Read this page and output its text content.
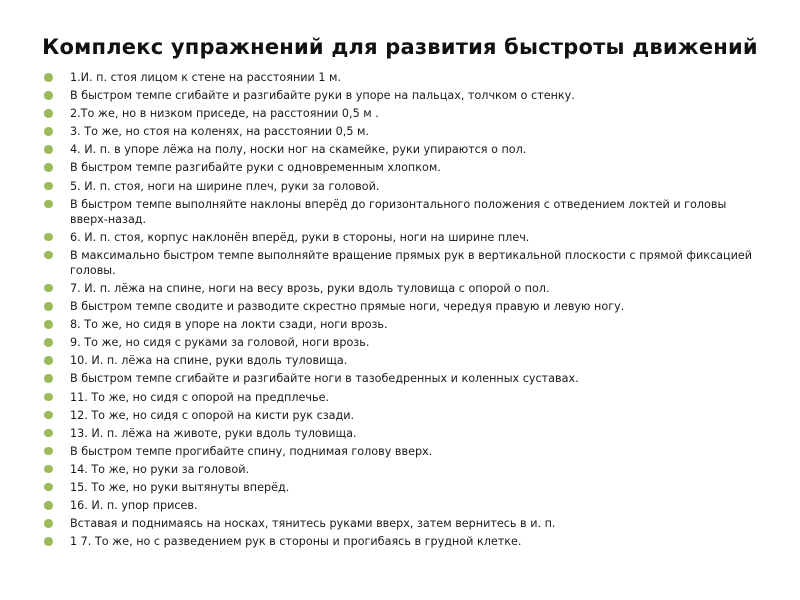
Комплекс упражнений для развития быстроты движений
1.И. п. стоя лицом к стене на расстоянии 1 м.
В быстром темпе сгибайте и разгибайте руки в упоре на пальцах, толчком о стенку.
2.То же, но в низком приседе, на расстоянии 0,5 м .
3. То же, но стоя на коленях, на расстоянии 0,5 м.
4. И. п. в упоре лёжа на полу, носки ног на скамейке, руки упираются о пол.
В быстром темпе разгибайте руки с одновременным хлопком.
5. И. п. стоя, ноги на ширине плеч, руки за головой.
В быстром темпе выполняйте наклоны вперёд до горизонтального положения с отведением локтей и головы вверх-назад.
6. И. п. стоя, корпус наклонён вперёд, руки в стороны, ноги на ширине плеч.
В максимально быстром темпе выполняйте вращение прямых рук в вертикальной плоскости с прямой фиксацией головы.
7. И. п. лёжа на спине, ноги на весу врозь, руки вдоль туловища с опорой о пол.
В быстром темпе сводите и разводите скрестно прямые ноги, чередуя правую и левую ногу.
8. То же, но сидя в упоре на локти сзади, ноги врозь.
9. То же, но сидя с руками за головой, ноги врозь.
10. И. п. лёжа на спине, руки вдоль туловища.
В быстром темпе сгибайте и разгибайте ноги в тазобедренных и коленных суставах.
11. То же, но сидя с опорой на предплечье.
12. То же, но сидя с опорой на кисти рук сзади.
13. И. п. лёжа на животе, руки вдоль туловища.
В быстром темпе прогибайте спину, поднимая голову вверх.
14. То же, но руки за головой.
15. То же, но руки вытянуты вперёд.
16. И. п. упор присев.
Вставая и поднимаясь на носках, тянитесь руками вверх, затем вернитесь в и. п.
1 7. То же, но с разведением рук в стороны и прогибаясь в грудной клетке.
